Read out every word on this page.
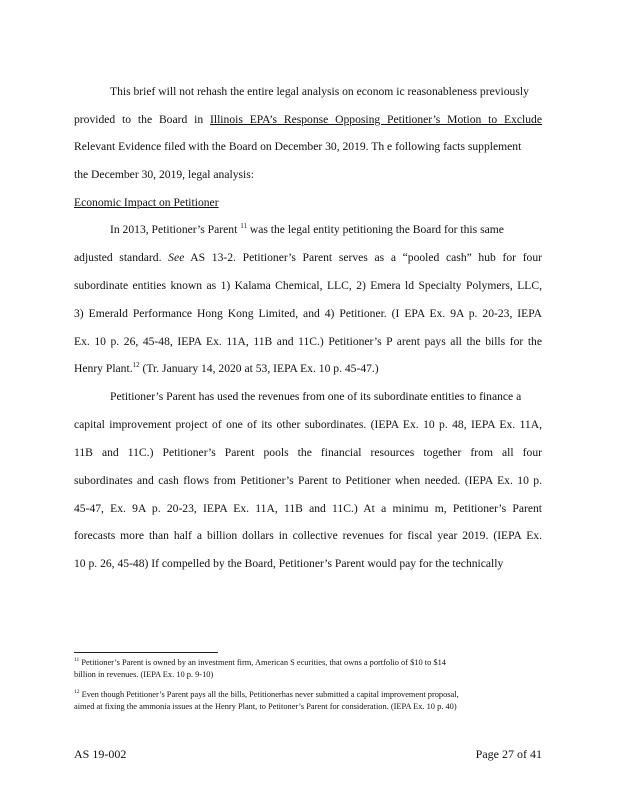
This brief will not rehash the entire legal analysis on econom ic reasonableness previously
provided to the Board in Illinois EPA’s Response Opposing Petitioner’s Motion to Exclude
Relevant Evidence filed with the Board on December 30, 2019. Th e following facts supplement
the December 30, 2019, legal analysis:
Economic Impact on Petitioner
In 2013, Petitioner’s Parent $^{11}$ was the legal entity petitioning the Board for this same
adjusted standard. See AS 13-2. Petitioner’s Parent serves as a “pooled cash” hub for four
subordinate entities known as 1) Kalama Chemical, LLC, 2) Emera ld Specialty Polymers, LLC,
3) Emerald Performance Hong Kong Limited, and 4) Petitioner. (I EPA Ex. 9A p. 20-23, IEPA
Ex. 10 p. 26, 45-48, IEPA Ex. 11A, 11B and 11C.) Petitioner’s P arent pays all the bills for the
Henry Plant.$^{12}$ (Tr. January 14, 2020 at 53, IEPA Ex. 10 p. 45-47.)
Petitioner’s Parent has used the revenues from one of its subordinate entities to finance a
capital improvement project of one of its other subordinates. (IEPA Ex. 10 p. 48, IEPA Ex. 11A,
11B and 11C.) Petitioner’s Parent pools the financial resources together from all four
subordinates and cash flows from Petitioner’s Parent to Petitioner when needed. (IEPA Ex. 10 p.
45-47, Ex. 9A p. 20-23, IEPA Ex. 11A, 11B and 11C.) At a minimu m, Petitioner’s Parent
forecasts more than half a billion dollars in collective revenues for fiscal year 2019. (IEPA Ex.
10 p. 26, 45-48) If compelled by the Board, Petitioner’s Parent would pay for the technically
$^{11}$ Petitioner’s Parent is owned by an investment firm, American S ecurities, that owns a portfolio of $10 to $14
billion in revenues. (IEPA Ex. 10 p. 9-10)
$^{12}$ Even though Petitioner’s Parent pays all the bills, Petitionerhas never submitted a capital improvement proposal,
aimed at fixing the ammonia issues at the Henry Plant, to Petitoner’s Parent for consideration. (IEPA Ex. 10 p. 40)
AS 19-002	Page 27 of 41
